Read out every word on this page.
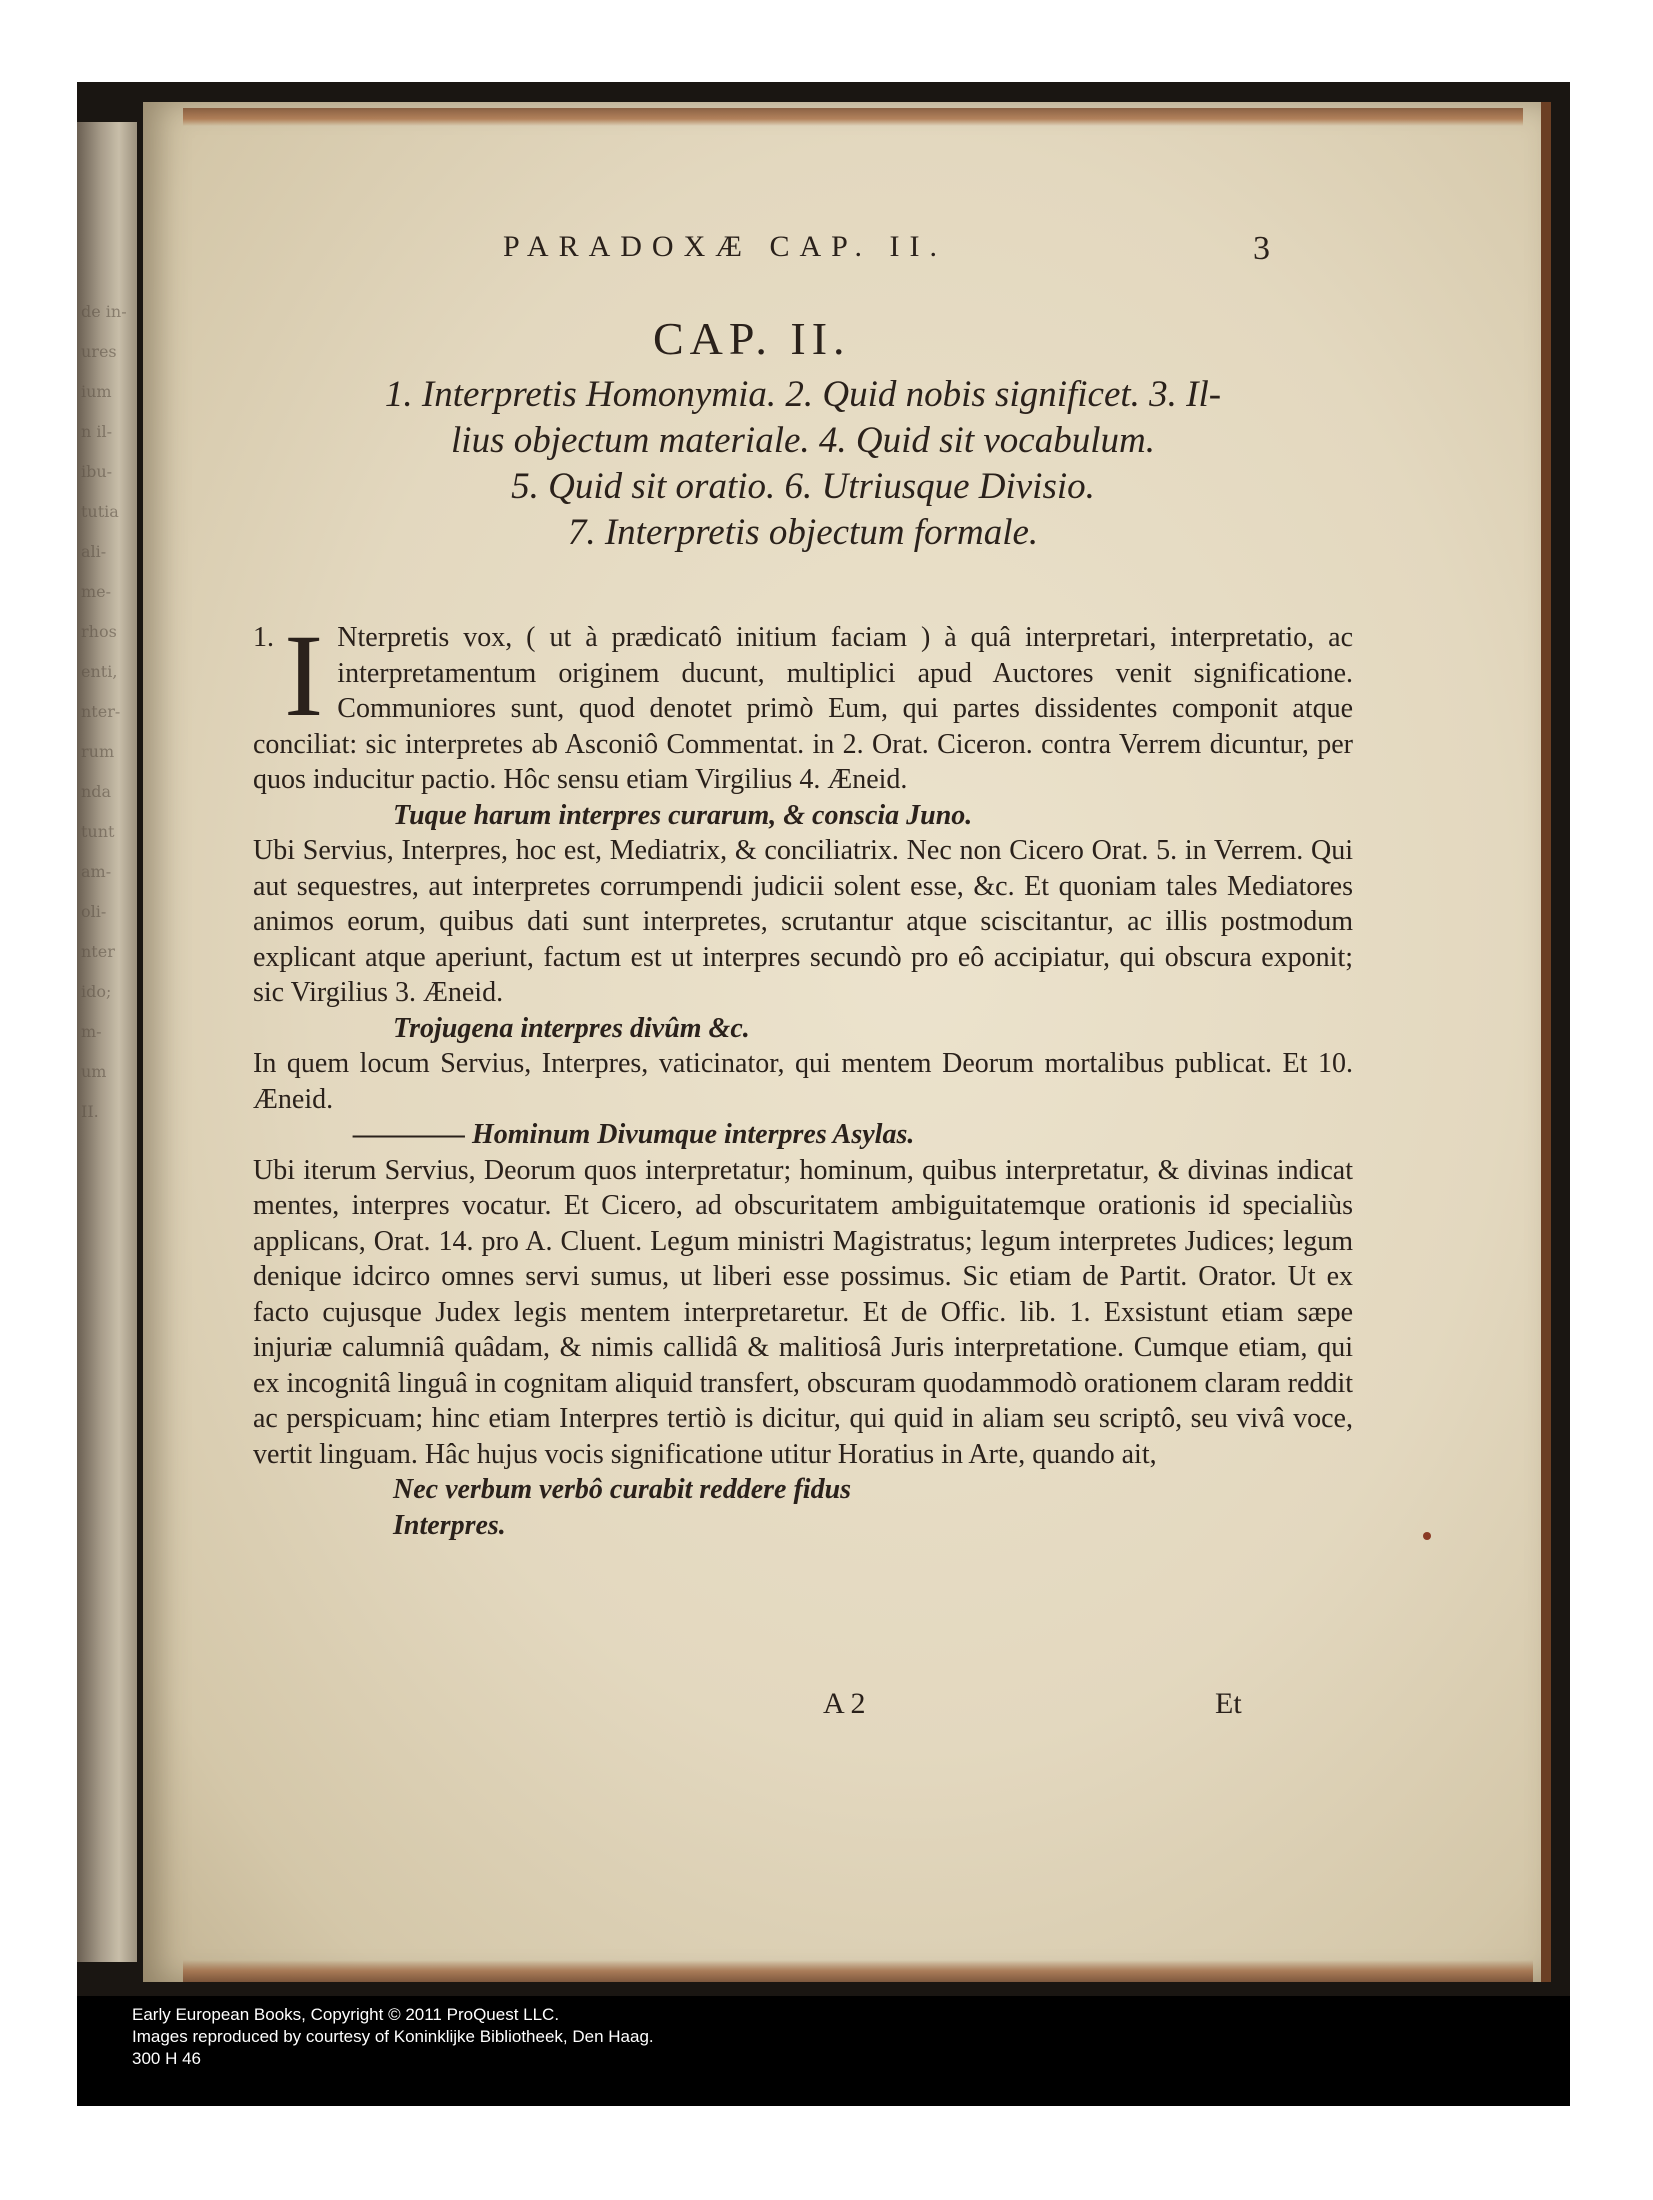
de in-
ures
ium
n il-
ibu-
tutia
ali-
me-
rhos
enti,
nter-
rum
nda
tunt
am-
oli-
nter
ido;
m-
um
II.
PARADOXÆ CAP. II.	3
CAP. II.
1. Interpretis Homonymia. 2. Quid nobis significet. 3. Il-
lius objectum materiale. 4. Quid sit vocabulum.
5. Quid sit oratio. 6. Utriusque Divisio.
7. Interpretis objectum formale.
1. I Nterpretis vox, ( ut à prædicatô initium faciam ) à quâ interpretari, interpretatio, ac interpretamentum originem ducunt, multiplici apud Auctores venit significatione. Communiores sunt, quod denotet primò Eum, qui partes dissidentes componit atque conciliat: sic interpretes ab Asconiô Commentat. in 2. Orat. Ciceron. contra Verrem dicuntur, per quos inducitur pactio. Hôc sensu etiam Virgilius 4. Æneid.
Tuque harum interpres curarum, & conscia Juno.
Ubi Servius, Interpres, hoc est, Mediatrix, & conciliatrix. Nec non Cicero Orat. 5. in Verrem. Qui aut sequestres, aut interpretes corrumpendi judicii solent esse, &c. Et quoniam tales Mediatores animos eorum, quibus dati sunt interpretes, scrutantur atque sciscitantur, ac illis postmodum explicant atque aperiunt, factum est ut interpres secundò pro eô accipiatur, qui obscura exponit; sic Virgilius 3. Æneid.
Trojugena interpres divûm &c.
In quem locum Servius, Interpres, vaticinator, qui mentem Deorum mortalibus publicat. Et 10. Æneid.
———— Hominum Divumque interpres Asylas.
Ubi iterum Servius, Deorum quos interpretatur; hominum, quibus interpretatur, & divinas indicat mentes, interpres vocatur. Et Cicero, ad obscuritatem ambiguitatemque orationis id specialiùs applicans, Orat. 14. pro A. Cluent. Legum ministri Magistratus; legum interpretes Judices; legum denique idcirco omnes servi sumus, ut liberi esse possimus. Sic etiam de Partit. Orator. Ut ex facto cujusque Judex legis mentem interpretaretur. Et de Offic. lib. 1. Exsistunt etiam sæpe injuriæ calumniâ quâdam, & nimis callidâ & malitiosâ Juris interpretatione. Cumque etiam, qui ex incognitâ linguâ in cognitam aliquid transfert, obscuram quodammodò orationem claram reddit ac perspicuam; hinc etiam Interpres tertiò is dicitur, qui quid in aliam seu scriptô, seu vivâ voce, vertit linguam. Hâc hujus vocis significatione utitur Horatius in Arte, quando ait,
Nec verbum verbô curabit reddere fidus
Interpres.
A 2	Et
Early European Books, Copyright © 2011 ProQuest LLC.
Images reproduced by courtesy of Koninklijke Bibliotheek, Den Haag.
300 H 46
